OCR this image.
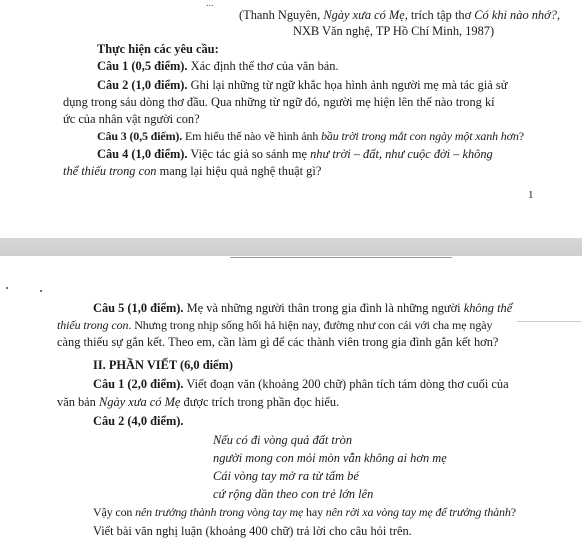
...
(Thanh Nguyên, Ngày xưa có Mẹ, trích tập thơ Có khi nào nhớ?,
NXB Văn nghệ, TP Hồ Chí Minh, 1987)
Thực hiện các yêu cầu:
Câu 1 (0,5 điểm). Xác định thể thơ của văn bản.
Câu 2 (1,0 điểm). Ghi lại những từ ngữ khắc họa hình ảnh người mẹ mà tác giả sử
dụng trong sáu dòng thơ đầu. Qua những từ ngữ đó, người mẹ hiện lên thế nào trong kí
ức của nhân vật người con?
Câu 3 (0,5 điểm). Em hiểu thế nào về hình ảnh bầu trời trong mắt con ngày một xanh hơn?
Câu 4 (1,0 điểm). Việc tác giả so sánh mẹ như trời – đất, như cuộc đời – không
thể thiếu trong con mang lại hiệu quả nghệ thuật gì?
1
Câu 5 (1,0 điểm). Mẹ và những người thân trong gia đình là những người không thể
thiếu trong con. Nhưng trong nhịp sống hối hả hiện nay, đường như con cái với cha mẹ ngày
càng thiếu sự gắn kết. Theo em, cần làm gì để các thành viên trong gia đình gắn kết hơn?
II. PHẦN VIẾT (6,0 điểm)
Câu 1 (2,0 điểm). Viết đoạn văn (khoảng 200 chữ) phân tích tám dòng thơ cuối của
văn bản Ngày xưa có Mẹ được trích trong phần đọc hiểu.
Câu 2 (4,0 điểm).
Nếu có đi vòng quả đất tròn
người mong con mỏi mòn vẫn không ai hơn mẹ
Cái vòng tay mở ra từ tấm bé
cứ rộng dần theo con trẻ lớn lên
Vậy con nên trưởng thành trong vòng tay mẹ hay nên rời xa vòng tay mẹ để trưởng thành?
Viết bài văn nghị luận (khoảng 400 chữ) trả lời cho câu hỏi trên.
